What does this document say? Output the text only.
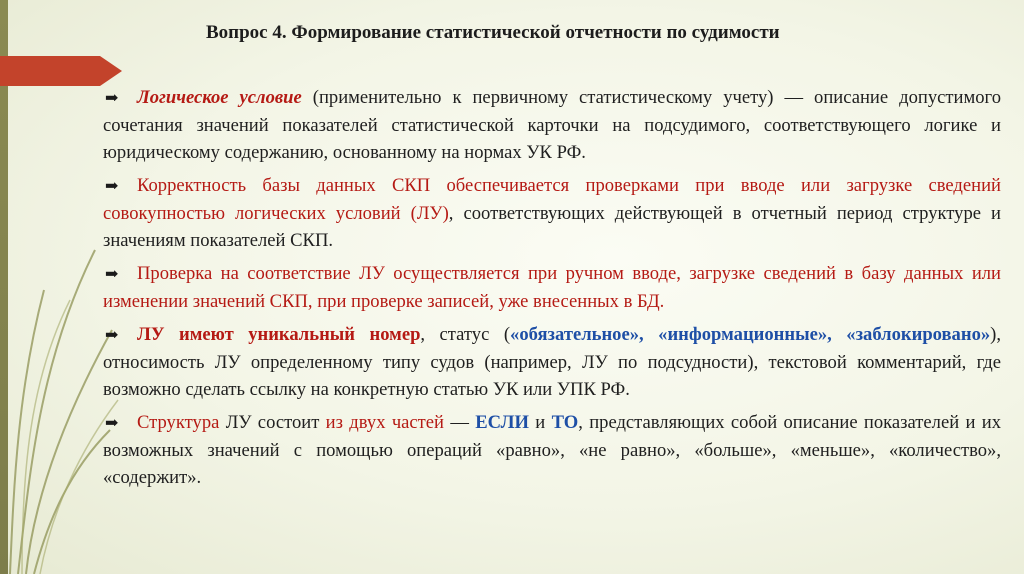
Вопрос 4. Формирование статистической отчетности по судимости

➡ Логическое условие (применительно к первичному статистическому учету) — описание допустимого сочетания значений показателей статистической карточки на подсудимого, соответствующего логике и юридическому содержанию, основанному на нормах УК РФ.

➡ Корректность базы данных СКП обеспечивается проверками при вводе или загрузке сведений совокупностью логических условий (ЛУ), соответствующих действующей в отчетный период структуре и значениям показателей СКП.

➡ Проверка на соответствие ЛУ осуществляется при ручном вводе, загрузке сведений в базу данных или изменении значений СКП, при проверке записей, уже внесенных в БД.

➡ ЛУ имеют уникальный номер, статус («обязательное», «информационные», «заблокировано»), относимость ЛУ определенному типу судов (например, ЛУ по подсудности), текстовой комментарий, где возможно сделать ссылку на конкретную статью УК или УПК РФ.

➡ Структура ЛУ состоит из двух частей — ЕСЛИ и ТО, представляющих собой описание показателей и их возможных значений с помощью операций «равно», «не равно», «больше», «меньше», «количество», «содержит».
